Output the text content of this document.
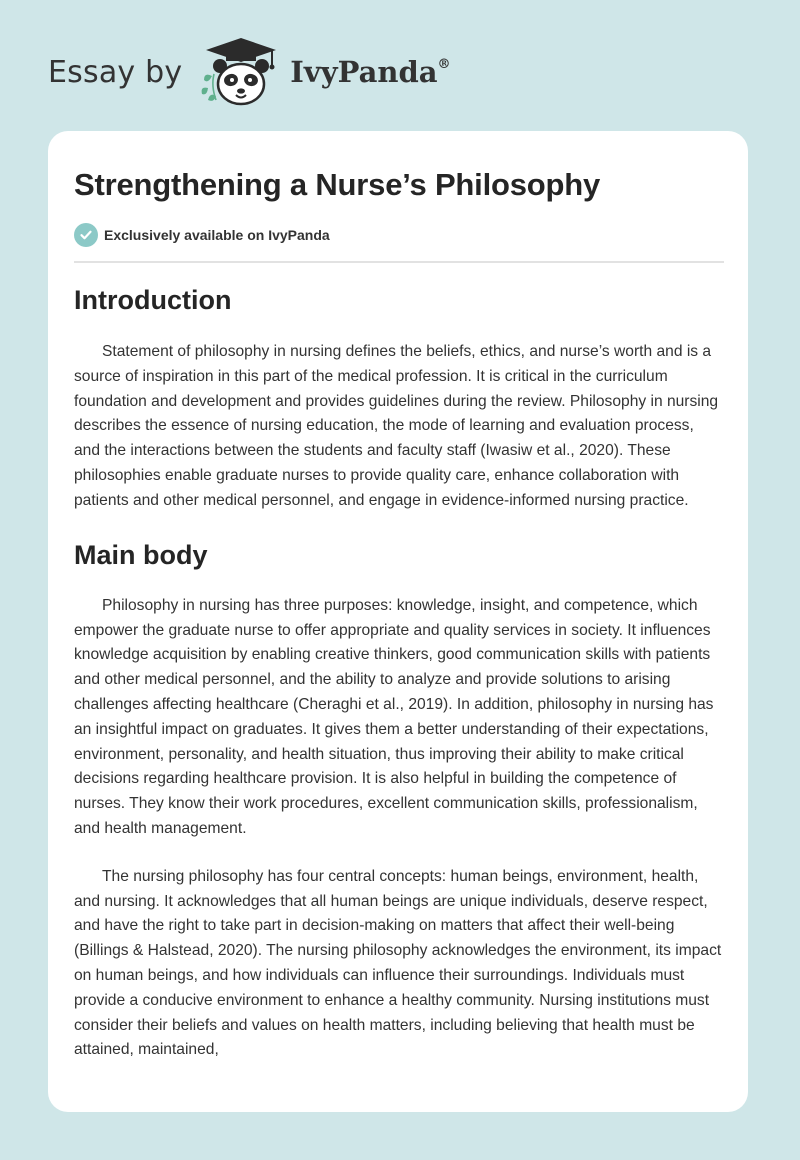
Essay by	IvyPanda®
Strengthening a Nurse’s Philosophy
Exclusively available on IvyPanda
Introduction

Statement of philosophy in nursing defines the beliefs, ethics, and nurse’s worth and is a source of inspiration in this part of the medical profession. It is critical in the curriculum foundation and development and provides guidelines during the review. Philosophy in nursing describes the essence of nursing education, the mode of learning and evaluation process, and the interactions between the students and faculty staff (Iwasiw et al., 2020). These philosophies enable graduate nurses to provide quality care, enhance collaboration with patients and other medical personnel, and engage in evidence-informed nursing practice.

Main body

Philosophy in nursing has three purposes: knowledge, insight, and competence, which empower the graduate nurse to offer appropriate and quality services in society. It influences knowledge acquisition by enabling creative thinkers, good communication skills with patients and other medical personnel, and the ability to analyze and provide solutions to arising challenges affecting healthcare (Cheraghi et al., 2019). In addition, philosophy in nursing has an insightful impact on graduates. It gives them a better understanding of their expectations, environment, personality, and health situation, thus improving their ability to make critical decisions regarding healthcare provision. It is also helpful in building the competence of nurses. They know their work procedures, excellent communication skills, professionalism, and health management.

The nursing philosophy has four central concepts: human beings, environment, health, and nursing. It acknowledges that all human beings are unique individuals, deserve respect, and have the right to take part in decision-making on matters that affect their well-being (Billings & Halstead, 2020). The nursing philosophy acknowledges the environment, its impact on human beings, and how individuals can influence their surroundings. Individuals must provide a conducive environment to enhance a healthy community. Nursing institutions must consider their beliefs and values on health matters, including believing that health must be attained, maintained,
